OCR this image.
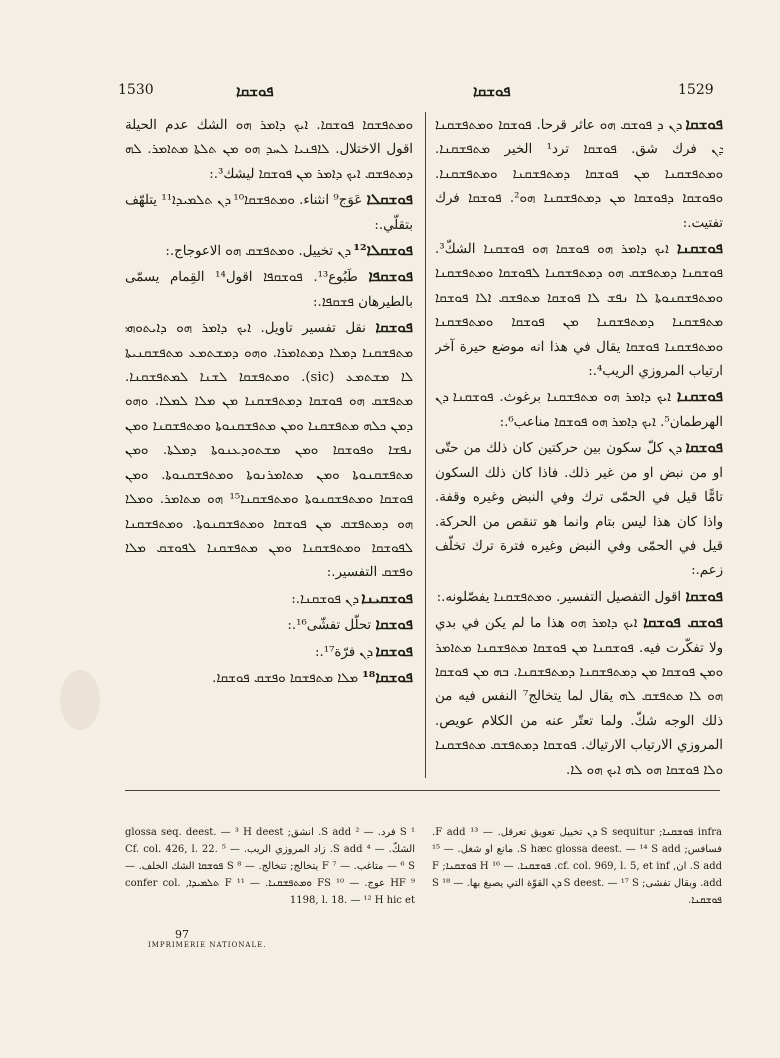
1530	ܦܘܫܩܐ	ܦܘܫܩܐ	1529

ܘܡܬܦܫܩܐ ܦܘܫܩܐ. ܐܝܟ ܕܐܡܪ ܗܘ الشك عدم الحيلة اقول الاختلال. ܠܐܦܢܝܐ ܠܚܕ ܗܘ ܡܢ ܬܠܬܐ ܡܬܐܡܪ. ܠܗ ܕܡܬܦܫܩ ܐܝܟ ܕܐܡܪ ܡܢ ܦܘܫܩܐ ليشك³.:

ܦܘܫܩܠܐ عَوَج⁹ انثناء. ܘܡܬܦܫܩܐ¹⁰ ܕܢ ܬܠܡܝܕܐ¹¹ يتلهّف بتقلّي.:

ܦܘܫܩܠܐ¹² ܕܢ تخييل. ܘܡܬܦܫܩ ܗܘ الاعوجاج.:

ܦܘܫܩܦܐ طَبُوع¹³. ܦܘܫܩܦܐ اقول¹⁴ القِمام يسمّى بالطيرهان ܦܫܩܦܐ.:

ܦܘܫܩܐ نقل تفسير تاويل. ܐܝܟ ܕܐܡܪ ܗܘ ܕܐܝܬܘܗܝ ܡܬܦܫܩܢܐ ܕܡܠܐ ܕܡܬܐܡܪܐ. ܘܗܘ ܕܡܫܬܡܥ ܡܬܦܫܩܢܝܬܐ ܠܐ ܡܫܬܡܥ (sic). ܘܡܬܦܫܩܐ ܠܫܢܐ ܠܡܬܦܫܩܢܐ. ܡܬܦܫܩ ܗܘ ܦܘܫܩܐ ܕܡܬܦܫܩܢܐ ܡܢ ܡܠܐ ܠܡܠܐ. ܘܗܘ ܕܡܢ ܟܠܗ ܡܬܦܫܩܢܐ ܘܡܢ ܡܬܦܫܩܢܘܬܐ ܘܡܬܦܫܩܢܐ ܘܡܢ ܢܦܫܐ ܘܦܘܫܩܐ ܘܡܢ ܡܫܬܘܕܥܢܘܬܐ ܕܡܠܬܐ. ܘܡܢ ܡܬܦܫܩܢܘܬܐ ܘܡܢ ܡܬܐܡܪܢܘܬܐ ܘܡܬܦܫܩܢܘܬܐ. ܘܡܢ ܦܘܫܩܐ ܘܡܬܦܫܩܢܘܬܐ ܘܡܬܦܫܩܢܐ¹⁵ ܗܘ ܡܬܐܡܪ. ܘܡܠܐ ܗܘ ܕܡܬܦܫܩ ܡܢ ܦܘܫܩܐ ܘܡܬܦܫܩܢܘܬܐ. ܘܡܬܦܫܩܢܐ ܠܦܘܫܩܐ ܘܡܬܦܫܩܢܐ ܘܡܢ ܡܬܦܫܩܢܐ ܠܦܘܫܩ ܡܠܐ ܘܦܫܩ التفسير.:

ܦܘܫܩܝܢܐ ܕܢ ܦܘܫܩܢܐ.:

ܦܘܫܩܐ تحلّل تفشّى¹⁶.:

ܦܘܫܩܐ ܕܢ فرّة¹⁷.:

ܦܘܫܩܐ¹⁸ ܡܠܐ ܡܬܦܫܩܐ ܘܦܫܩ ܦܘܫܩܐ.

ܦܘܫܩܐ ܕܢ ܕ ܦܘܫܩ ܗܘ عاثر قرحا. ܦܘܫܩܐ ܘܡܬܦܫܩܢܐ ܕܢ فرك شق. ܦܘܫܩܐ ترد¹ الخير ܡܬܦܫܩܢܐ. ܘܡܬܦܫܩܢܐ ܡܢ ܦܘܫܩܐ ܕܡܬܦܫܩܢܐ ܘܡܬܦܫܩܢܐ. ܘܦܘܫܩܐ ܕܦܘܫܩܐ ܡܢ ܕܡܬܦܫܩܢܐ ܗܘ². ܦܘܫܩܐ فرك تفتيت.:

ܦܘܫܩܢܐ ܐܝܟ ܕܐܡܪ ܗܘ ܦܘܫܩܐ ܗܘ ܦܘܫܩܢܐ الشكّ³. ܦܘܫܩܢܐ ܕܡܬܦܫܩ ܗܘ ܕܡܬܦܫܩܢܐ ܠܦܘܫܩܐ ܘܡܬܦܫܩܢܐ ܘܡܬܦܫܩܢܘܬܐ ܠܐ ܢܦܫ ܠܐ ܦܘܫܩܐ ܡܬܦܫܩ ܐܠܐ ܦܘܫܩܐ ܡܬܦܫܩܢܐ ܕܡܬܦܫܩܢܐ ܡܢ ܦܘܫܩܐ ܘܡܬܦܫܩܢܐ ܘܡܬܦܫܩܢܐ ܦܘܫܩܐ يقال في هذا انه موضع حيرة آخر ارتياب المروزي الريب⁴.:

ܦܘܫܩܢܐ ܐܝܟ ܕܐܡܪ ܗܘ ܡܬܦܫܩܢܐ برغوث. ܦܘܫܩܢܐ ܕܢ الهرطمان⁵. ܐܝܟ ܕܐܡܪ ܗܘ ܦܘܫܩܐ مناعب⁶.:

ܦܘܫܩܐ ܕܢ كلّ سكون بين حركتين كان ذلك من حتّى او من نبض او من غير ذلك. فاذا كان ذلك السكون تامًّا قيل في الحمّى ترك وفي النبض وغيره وقفة. واذا كان هذا ليس بتام وانما هو تنقص من الحركة. قيل في الحمّى وفي النبض وغيره فترة ترك تخلّف زعم.:

ܦܘܫܩܐ اقول التفصيل التفسير. ܘܡܬܦܫܩܢܐ يفصّلونه.:

ܦܘܫܩ ܦܘܫܩܐ ܐܝܟ ܕܐܡܪ ܗܘ هذا ما لم يكن في بدي ولا تفكّرت فيه. ܦܘܫܩܢܐ ܡܢ ܦܘܫܩܐ ܡܬܦܫܩܢܐ ܡܬܐܡܪ ܘܡܢ ܦܘܫܩܐ ܡܢ ܕܡܬܦܫܩܢܐ ܕܡܬܦܫܩܢܐ. ܒܗ ܡܢ ܦܘܫܩܐ ܗܘ ܠܐ ܡܬܦܫܩ ܠܗ يقال لما يتخالج⁷ النفس فيه من ذلك الوجه شكّ. ولما تعتّر عنه من الكلام عويص. المروزي الارتياب الارتياك. ܦܘܫܩܐ ܕܡܬܦܫܩ ܡܬܦܫܩܢܐ ܘܠܐ ܦܘܫܩܐ ܗܘ ܠܗ ܐܝܟ ܗܘ ܠܐ.

¹ S فرد. — ² S add. انشق; glossa seq. deest. — ³ H deest الشكّ. — ⁴ S add. زاد المروزي الريب. — ⁵ Cf. col. 426, l. 22. — ⁶ S متاغب. — ⁷ F يتخالج; تتخالج. — ⁸ S ܦܘܫܩܐ الشك الخلف. — ⁹ HF عوج. — ¹⁰ FS ܘܡܬܦܫܩܢܐ. — ¹¹ F ܬܠܡܝܕܐ, confer col. 1198, l. 18. — ¹² H hic et

infra ܦܘܫܩܢܐ; S sequitur ܕܢ تخييل تعويق تعرقل. — ¹³ F add. فسافس; S hæc glossa deest. — ¹⁴ S add. مانع او شغل. — ¹⁵ S add. ان, cf. col. 969, l. 5, et inf. ܦܘܫܩܢܐ. — ¹⁶ H ܦܘܫܩܢܐ; F add. وبقال تفشى; S deest. — ¹⁷ S ܕܢ القوّة التي يصبغ بها. — ¹⁸ S ܦܘܫܩܢܐ.

97
IMPRIMERIE NATIONALE.
